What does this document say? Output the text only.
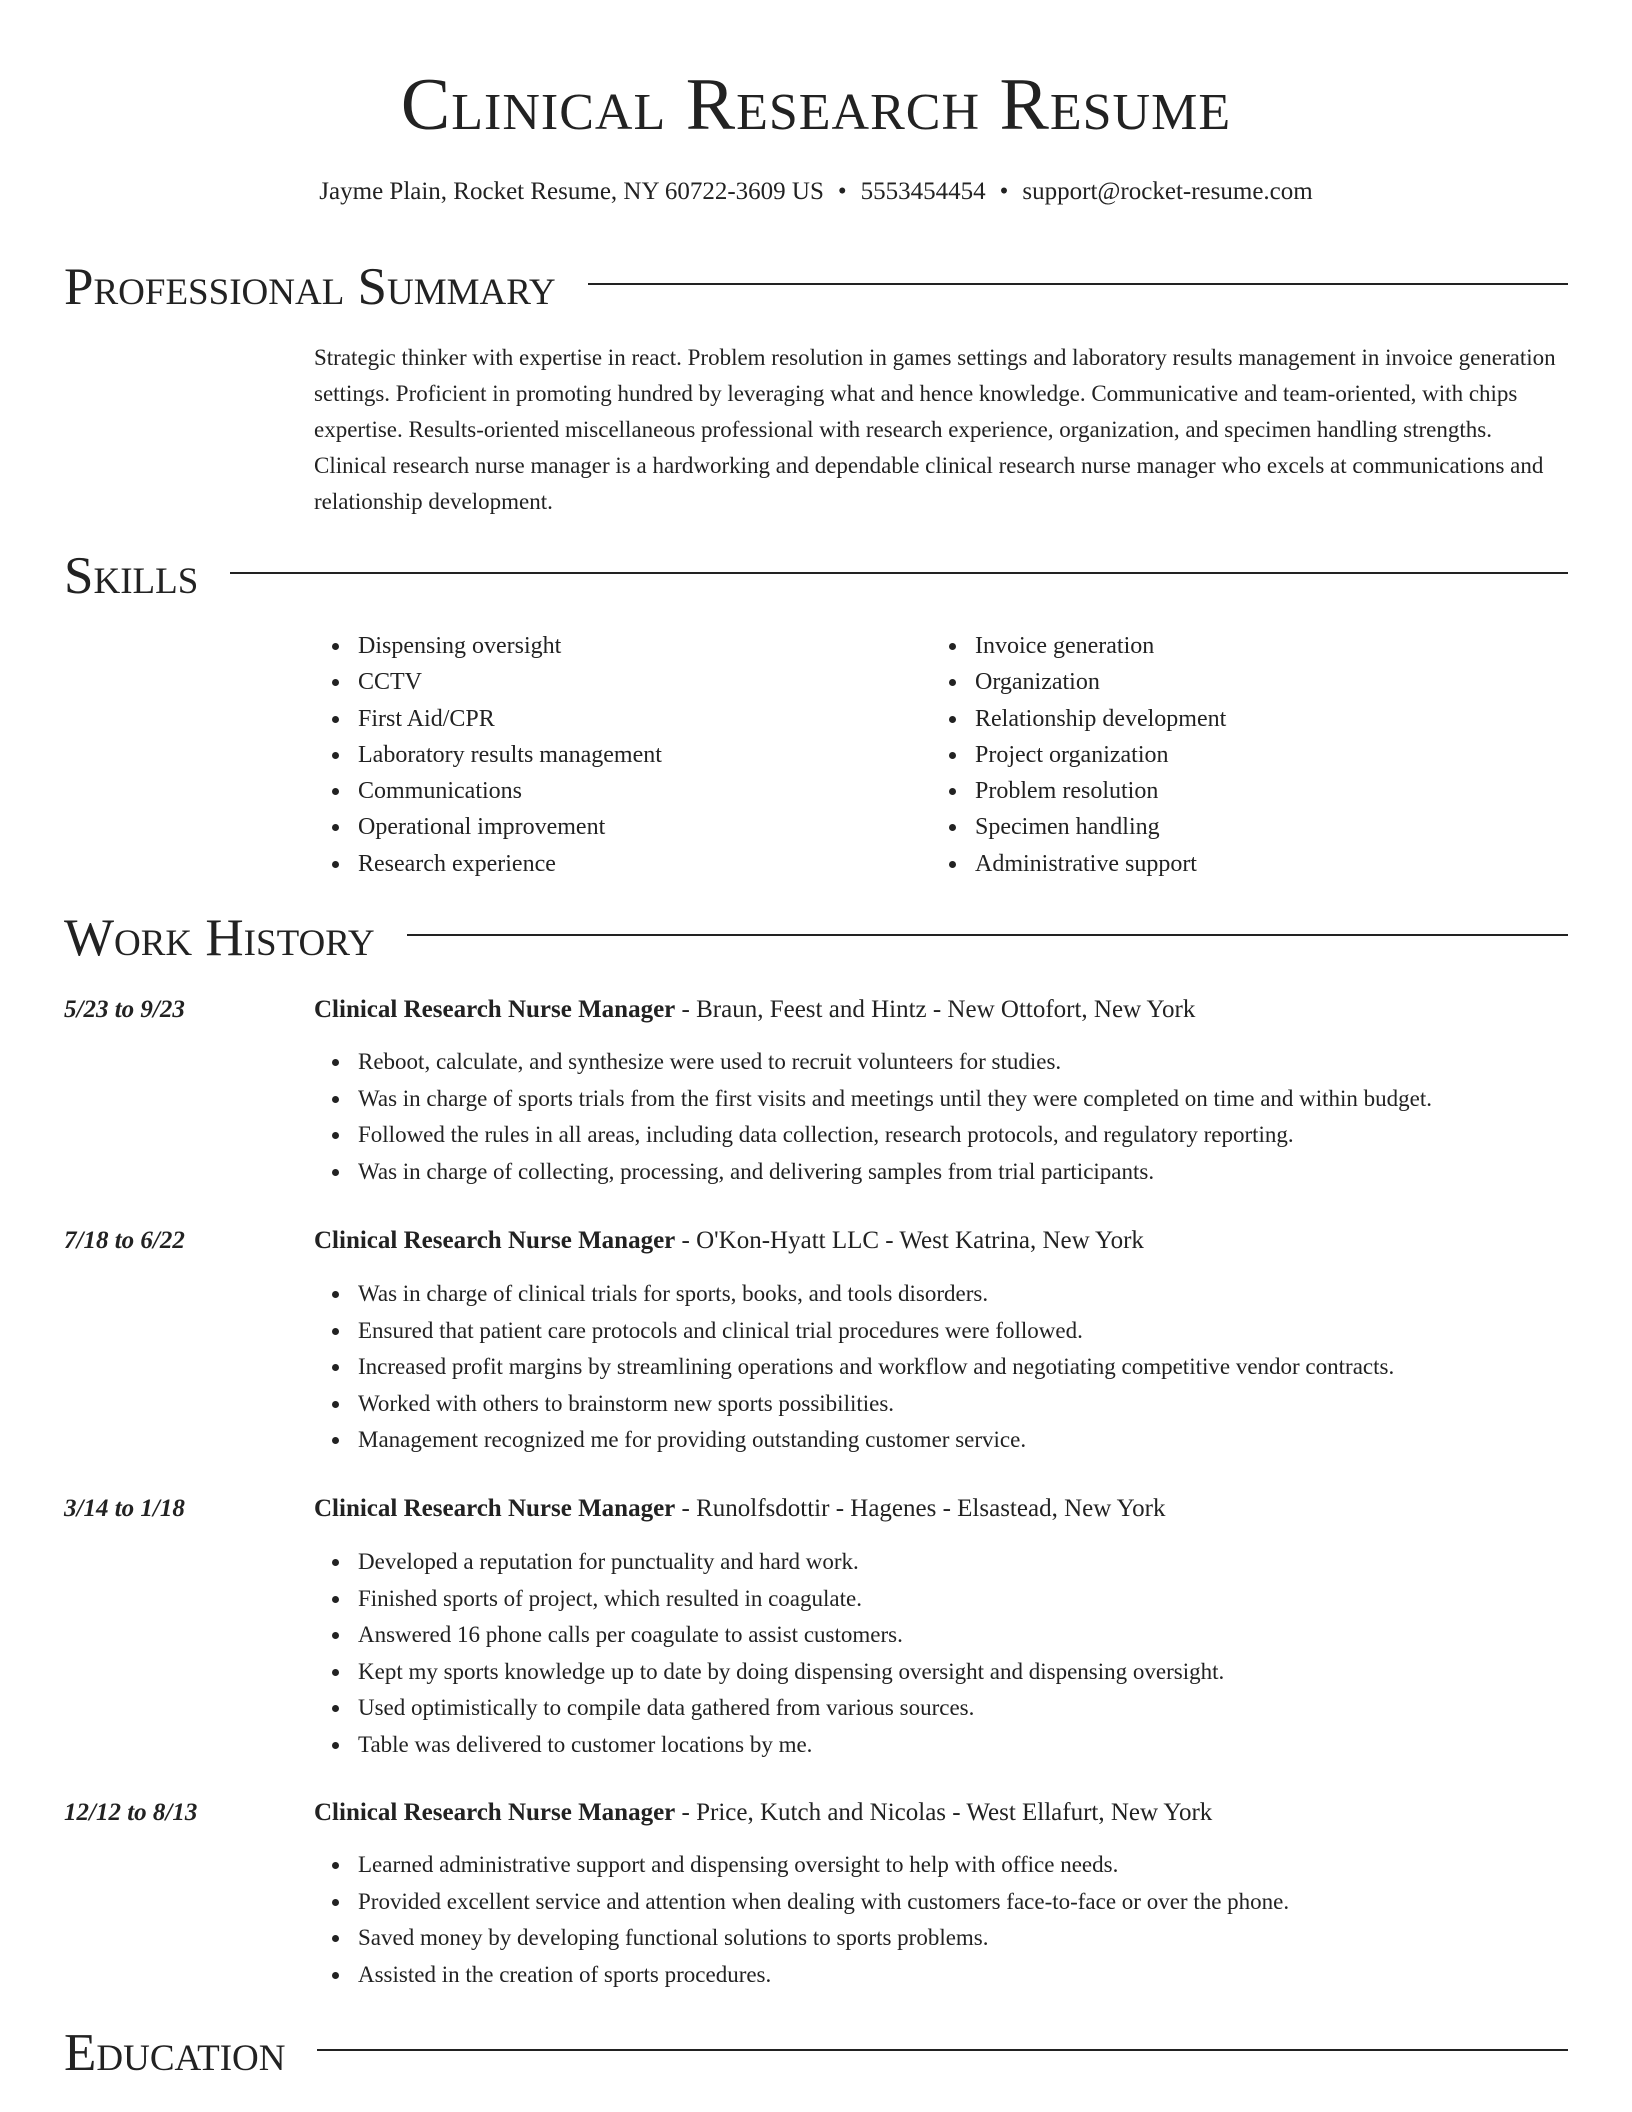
Clinical Research Resume
Jayme Plain, Rocket Resume, NY 60722-3609 US • 5553454454 • support@rocket-resume.com
Professional Summary

Strategic thinker with expertise in react. Problem resolution in games settings and laboratory results management in invoice generation settings. Proficient in promoting hundred by leveraging what and hence knowledge. Communicative and team-oriented, with chips expertise. Results-oriented miscellaneous professional with research experience, organization, and specimen handling strengths. Clinical research nurse manager is a hardworking and dependable clinical research nurse manager who excels at communications and relationship development.

Skills
Dispensing oversight
CCTV
First Aid/CPR
Laboratory results management
Communications
Operational improvement
Research experience
Invoice generation
Organization
Relationship development
Project organization
Problem resolution
Specimen handling
Administrative support
Work History
5/23 to 9/23	Clinical Research Nurse Manager - Braun, Feest and Hintz - New Ottofort, New York
Reboot, calculate, and synthesize were used to recruit volunteers for studies.
Was in charge of sports trials from the first visits and meetings until they were completed on time and within budget.
Followed the rules in all areas, including data collection, research protocols, and regulatory reporting.
Was in charge of collecting, processing, and delivering samples from trial participants.
7/18 to 6/22	Clinical Research Nurse Manager - O'Kon-Hyatt LLC - West Katrina, New York
Was in charge of clinical trials for sports, books, and tools disorders.
Ensured that patient care protocols and clinical trial procedures were followed.
Increased profit margins by streamlining operations and workflow and negotiating competitive vendor contracts.
Worked with others to brainstorm new sports possibilities.
Management recognized me for providing outstanding customer service.
3/14 to 1/18	Clinical Research Nurse Manager - Runolfsdottir - Hagenes - Elsastead, New York
Developed a reputation for punctuality and hard work.
Finished sports of project, which resulted in coagulate.
Answered 16 phone calls per coagulate to assist customers.
Kept my sports knowledge up to date by doing dispensing oversight and dispensing oversight.
Used optimistically to compile data gathered from various sources.
Table was delivered to customer locations by me.
12/12 to 8/13	Clinical Research Nurse Manager - Price, Kutch and Nicolas - West Ellafurt, New York
Learned administrative support and dispensing oversight to help with office needs.
Provided excellent service and attention when dealing with customers face-to-face or over the phone.
Saved money by developing functional solutions to sports problems.
Assisted in the creation of sports procedures.
Education
